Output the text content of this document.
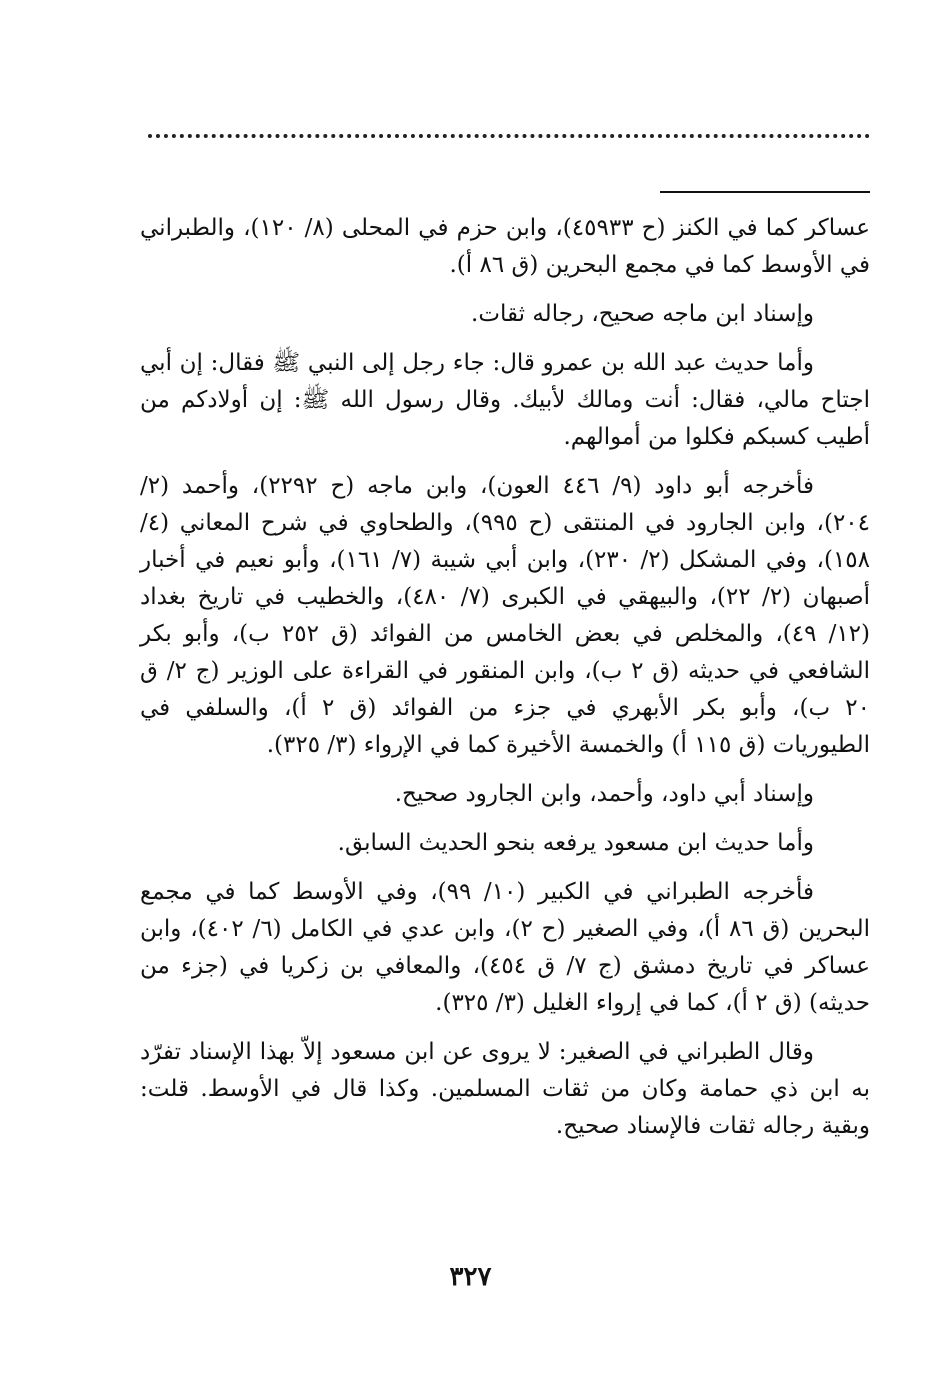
عساكر كما في الكنز (ح ٤٥٩٣٣)، وابن حزم في المحلى (٨/ ١٢٠)، والطبراني في الأوسط كما في مجمع البحرين (ق ٨٦ أ).

وإسناد ابن ماجه صحيح، رجاله ثقات.

وأما حديث عبد الله بن عمرو قال: جاء رجل إلى النبي ﷺ فقال: إن أبي اجتاح مالي، فقال: أنت ومالك لأبيك. وقال رسول الله ﷺ: إن أولادكم من أطيب كسبكم فكلوا من أموالهم.

فأخرجه أبو داود (٩/ ٤٤٦ العون)، وابن ماجه (ح ٢٢٩٢)، وأحمد (٢/ ٢٠٤)، وابن الجارود في المنتقى (ح ٩٩٥)، والطحاوي في شرح المعاني (٤/ ١٥٨)، وفي المشكل (٢/ ٢٣٠)، وابن أبي شيبة (٧/ ١٦١)، وأبو نعيم في أخبار أصبهان (٢/ ٢٢)، والبيهقي في الكبرى (٧/ ٤٨٠)، والخطيب في تاريخ بغداد (١٢/ ٤٩)، والمخلص في بعض الخامس من الفوائد (ق ٢٥٢ ب)، وأبو بكر الشافعي في حديثه (ق ٢ ب)، وابن المنقور في القراءة على الوزير (ج ٢/ ق ٢٠ ب)، وأبو بكر الأبهري في جزء من الفوائد (ق ٢ أ)، والسلفي في الطيوريات (ق ١١٥ أ) والخمسة الأخيرة كما في الإرواء (٣/ ٣٢٥).

وإسناد أبي داود، وأحمد، وابن الجارود صحيح.

وأما حديث ابن مسعود يرفعه بنحو الحديث السابق.

فأخرجه الطبراني في الكبير (١٠/ ٩٩)، وفي الأوسط كما في مجمع البحرين (ق ٨٦ أ)، وفي الصغير (ح ٢)، وابن عدي في الكامل (٦/ ٤٠٢)، وابن عساكر في تاريخ دمشق (ج ٧/ ق ٤٥٤)، والمعافي بن زكريا في (جزء من حديثه) (ق ٢ أ)، كما في إرواء الغليل (٣/ ٣٢٥).

وقال الطبراني في الصغير: لا يروى عن ابن مسعود إلاّ بهذا الإسناد تفرّد به ابن ذي حمامة وكان من ثقات المسلمين. وكذا قال في الأوسط. قلت: وبقية رجاله ثقات فالإسناد صحيح.

٣٢٧
